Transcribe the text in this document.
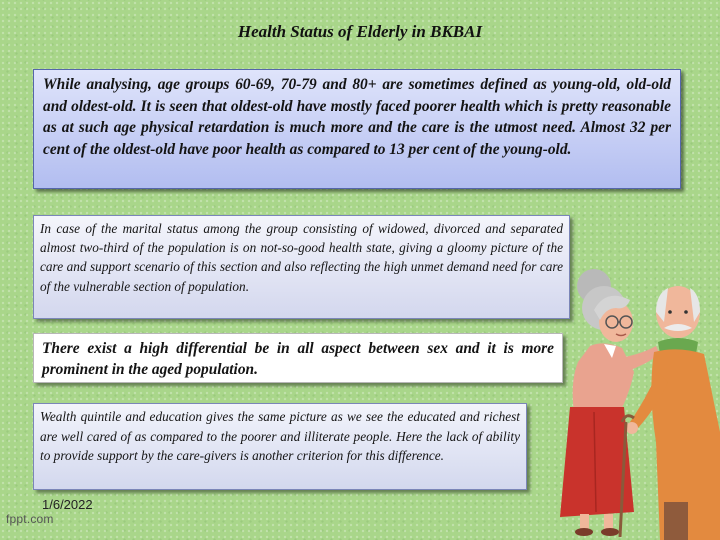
Health Status of Elderly in BKBAI
While analysing, age groups 60-69, 70-79 and 80+ are sometimes defined as young-old, old-old and oldest-old. It is seen that oldest-old have mostly faced poorer health which is pretty reasonable as at such age physical retardation is much more and the care is the utmost need. Almost 32 per cent of the oldest-old have poor health as compared to 13 per cent of the young-old.
In case of the marital status among the group consisting of widowed, divorced and separated almost two-third of the population is on not-so-good health state, giving a gloomy picture of the care and support scenario of this section and also reflecting the high unmet demand need for care of the vulnerable section of population.
There exist a high differential be in all aspect between sex and it is more prominent in the aged population.
Wealth quintile and education gives the same picture as we see the educated and richest are well cared of as compared to the poorer and illiterate people. Here the lack of ability to provide support by the care-givers is another criterion for this difference.
1/6/2022
fppt.com
